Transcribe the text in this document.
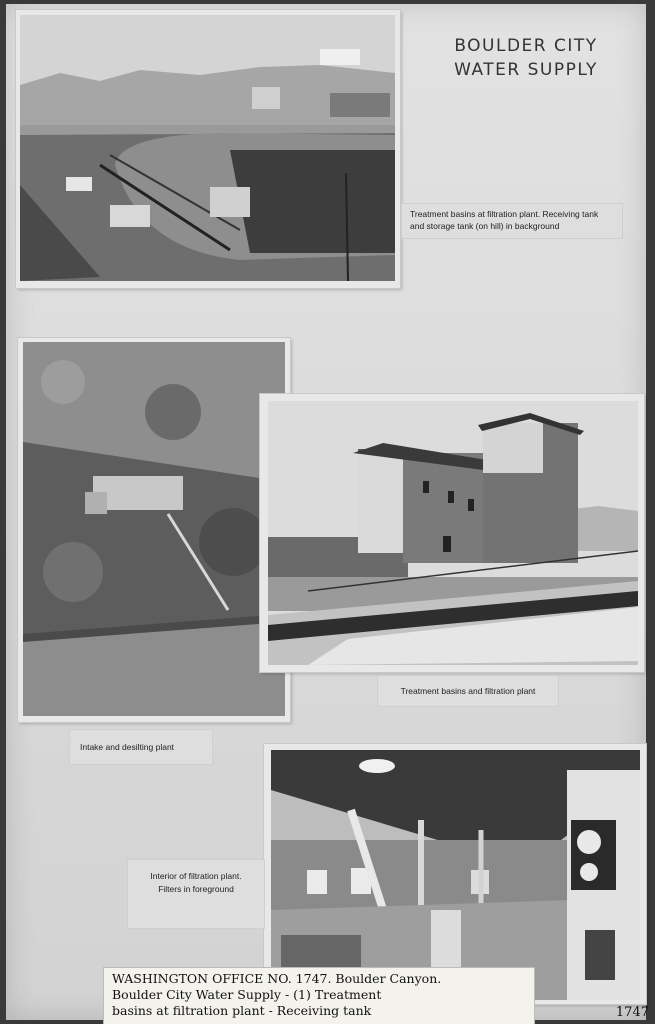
BOULDER CITY
WATER SUPPLY
Treatment basins at filtration plant. Receiving tank and storage tank (on hill) in background
Intake and desilting plant
Treatment basins and filtration plant
Interior of filtration plant.
Filters in foreground
WASHINGTON OFFICE NO. 1747. Boulder Canyon.
Boulder City Water Supply - (1) Treatment
basins at filtration plant - Receiving tank	1747
